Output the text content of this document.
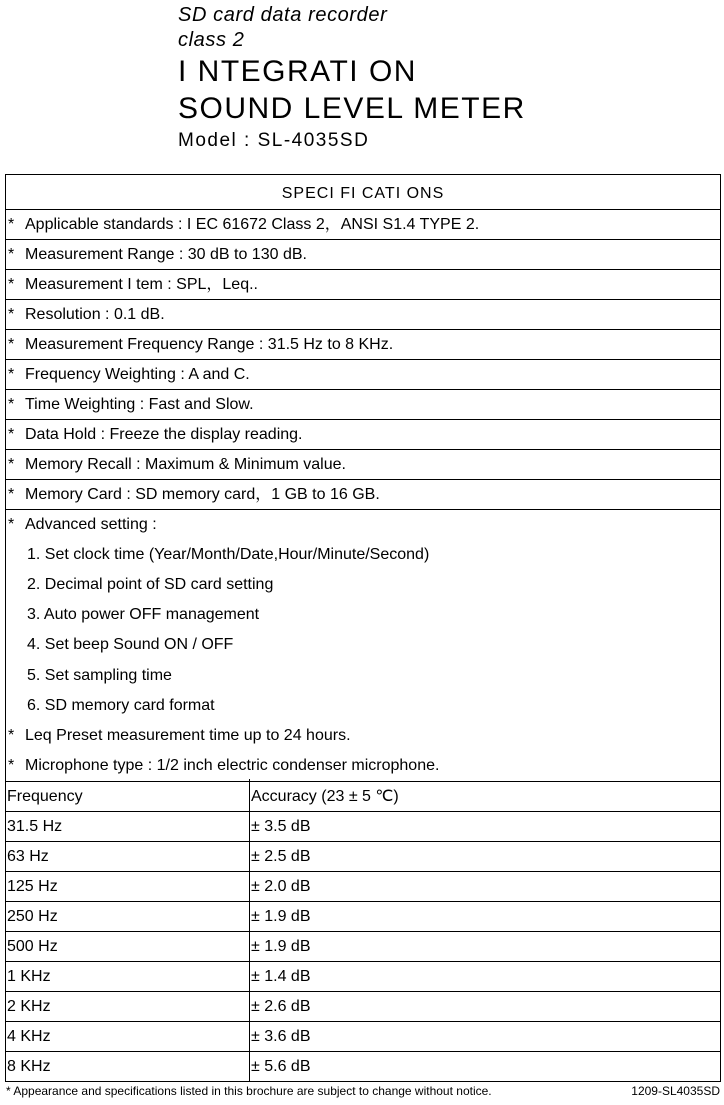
SD card data recorder
class 2
I NTEGRATI ON
SOUND LEVEL METER
Model : SL-4035SD
SPECI FI CATI ONS
* Applicable standards : I EC 61672 Class 2，ANSI S1.4 TYPE 2.
* Measurement Range : 30 dB to 130 dB.
* Measurement I tem : SPL，Leq..
* Resolution : 0.1 dB.
* Measurement Frequency Range : 31.5 Hz to 8 KHz.
* Frequency Weighting : A and C.
* Time Weighting : Fast and Slow.
* Data Hold : Freeze the display reading.
* Memory Recall : Maximum & Minimum value.
* Memory Card : SD memory card，1 GB to 16 GB.
* Advanced setting :
1. Set clock time (Year/Month/Date,Hour/Minute/Second)
2. Decimal point of SD card setting
3. Auto power OFF management
4. Set beep Sound ON / OFF
5. Set sampling time
6. SD memory card format
* Leq Preset measurement time up to 24 hours.
* Microphone type : 1/2 inch electric condenser microphone.
Frequency	Accuracy (23 ± 5 ℃)
31.5 Hz	± 3.5 dB
63 Hz	± 2.5 dB
125 Hz	± 2.0 dB
250 Hz	± 1.9 dB
500 Hz	± 1.9 dB
1 KHz	± 1.4 dB
2 KHz	± 2.6 dB
4 KHz	± 3.6 dB
8 KHz	± 5.6 dB
* Appearance and specifications listed in this brochure are subject to change without notice.	1209-SL4035SD
